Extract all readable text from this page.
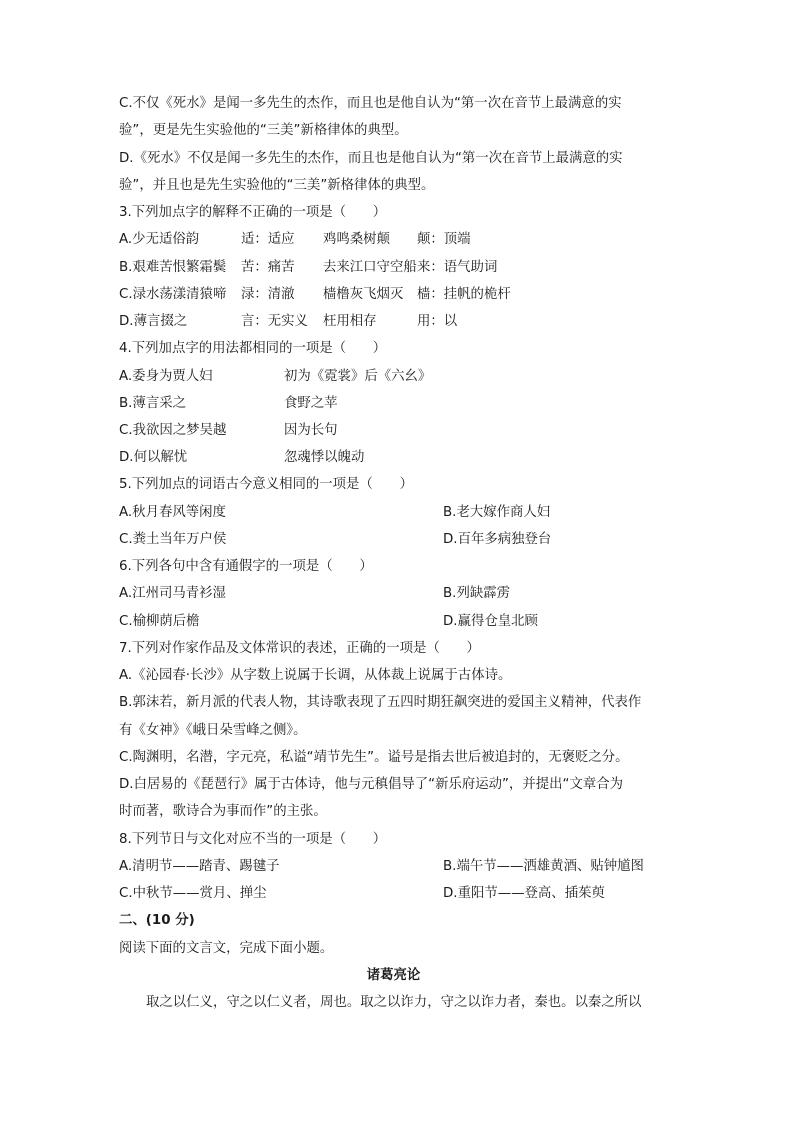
C.不仅《死水》是闻一多先生的杰作，而且也是他自认为“第一次在音节上最满意的实
验”，更是先生实验他的“三美”新格律体的典型。
D.《死水》不仅是闻一多先生的杰作，而且也是他自认为“第一次在音节上最满意的实
验”，并且也是先生实验他的“三美”新格律体的典型。
3.下列加点字的解释不正确的一项是（　　）
A.少无适俗韵	适：适应 鸡鸣桑树颠 颠：顶端
B.艰难苦恨繁霜鬓 苦：痛苦 去来江口守空船来：语气助词
C.渌水荡漾清猿啼 渌：清澈 樯橹灰飞烟灭 樯：挂帆的桅杆
D.薄言掇之	言：无实义 枉用相存	用：以
4.下列加点字的用法都相同的一项是（　　）
A.委身为贾人妇	初为《霓裳》后《六幺》
B.薄言采之	食野之苹
C.我欲因之梦吴越	因为长句
D.何以解忧	忽魂悸以魄动
5.下列加点的词语古今意义相同的一项是（　　）
A.秋月春风等闲度	B.老大嫁作商人妇
C.粪土当年万户侯	D.百年多病独登台
6.下列各句中含有通假字的一项是（　　）
A.江州司马青衫湿	B.列缺霹雳
C.榆柳荫后檐	D.赢得仓皇北顾
7.下列对作家作品及文体常识的表述，正确的一项是（　　）
A.《沁园春·长沙》从字数上说属于长调，从体裁上说属于古体诗。
B.郭沫若，新月派的代表人物，其诗歌表现了五四时期狂飙突进的爱国主义精神，代表作
有《女神》《峨日朵雪峰之侧》。
C.陶渊明，名潜，字元亮，私谥“靖节先生”。谥号是指去世后被追封的，无褒贬之分。
D.白居易的《琵琶行》属于古体诗，他与元稹倡导了“新乐府运动”，并提出“文章合为
时而著，歌诗合为事而作”的主张。
8.下列节日与文化对应不当的一项是（　　）
A.清明节——踏青、踢毽子	B.端午节——洒雄黄酒、贴钟馗图
C.中秋节——赏月、掸尘	D.重阳节——登高、插茱萸
二、(10 分)
阅读下面的文言文，完成下面小题。
诸葛亮论
取之以仁义，守之以仁义者，周也。取之以诈力，守之以诈力者，秦也。以秦之所以
